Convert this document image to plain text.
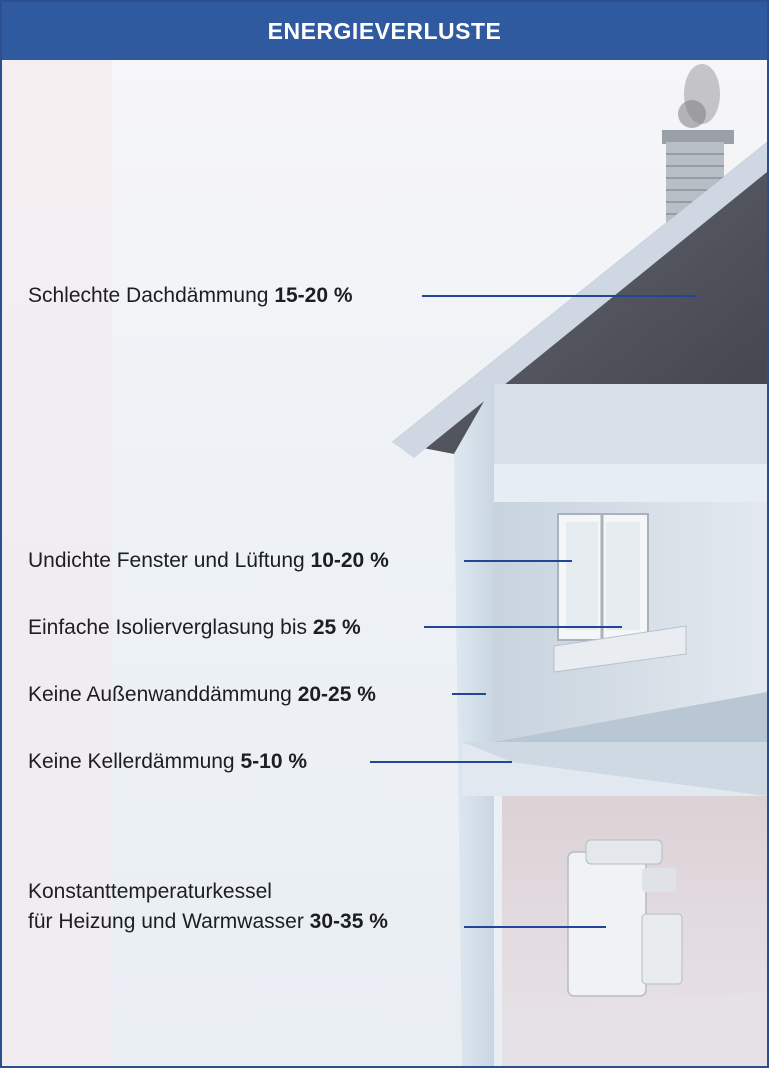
ENERGIEVERLUSTE
Schlechte Dachdämmung 15-20 %
Undichte Fenster und Lüftung 10-20 %
Einfache Isolierverglasung bis 25 %
Keine Außenwanddämmung 20-25 %
Keine Kellerdämmung 5-10 %
Konstanttemperaturkessel
für Heizung und Warmwasser 30-35 %
